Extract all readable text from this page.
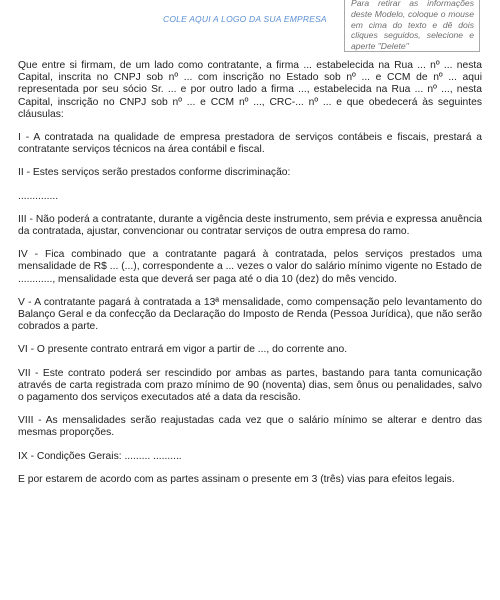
COLE AQUI A LOGO DA SUA EMPRESA
Para retirar as informações deste Modelo, coloque o mouse em cima do texto e dê dois cliques seguidos, selecione e aperte "Delete"

Que entre si firmam, de um lado como contratante, a firma ... estabelecida na Rua ... nº ... nesta Capital, inscrita no CNPJ sob nº ... com inscrição no Estado sob nº ... e CCM de nº ... aqui representada por seu sócio Sr. ... e por outro lado a firma ..., estabelecida na Rua ... nº ..., nesta Capital, inscrição no CNPJ sob nº ... e CCM nº ..., CRC-... nº ... e que obedecerá às seguintes cláusulas:

I - A contratada na qualidade de empresa prestadora de serviços contábeis e fiscais, prestará a contratante serviços técnicos na área contábil e fiscal.

II - Estes serviços serão prestados conforme discriminação:

..............

III - Não poderá a contratante, durante a vigência deste instrumento, sem prévia e expressa anuência da contratada, ajustar, convencionar ou contratar serviços de outra empresa do ramo.

IV - Fica combinado que a contratante pagará à contratada, pelos serviços prestados uma mensalidade de R$ ... (...), correspondente a ... vezes o valor do salário mínimo vigente no Estado de ............, mensalidade esta que deverá ser paga até o dia 10 (dez) do mês vencido.

V - A contratante pagará à contratada a 13ª mensalidade, como compensação pelo levantamento do Balanço Geral e da confecção da Declaração do Imposto de Renda (Pessoa Jurídica), que não serão cobrados a parte.

VI - O presente contrato entrará em vigor a partir de ..., do corrente ano.

VII - Este contrato poderá ser rescindido por ambas as partes, bastando para tanta comunicação através de carta registrada com prazo mínimo de 90 (noventa) dias, sem ônus ou penalidades, salvo o pagamento dos serviços executados até a data da rescisão.

VIII - As mensalidades serão reajustadas cada vez que o salário mínimo se alterar e dentro das mesmas proporções.

IX - Condições Gerais: ......... ..........

E por estarem de acordo com as partes assinam o presente em 3 (três) vias para efeitos legais.
